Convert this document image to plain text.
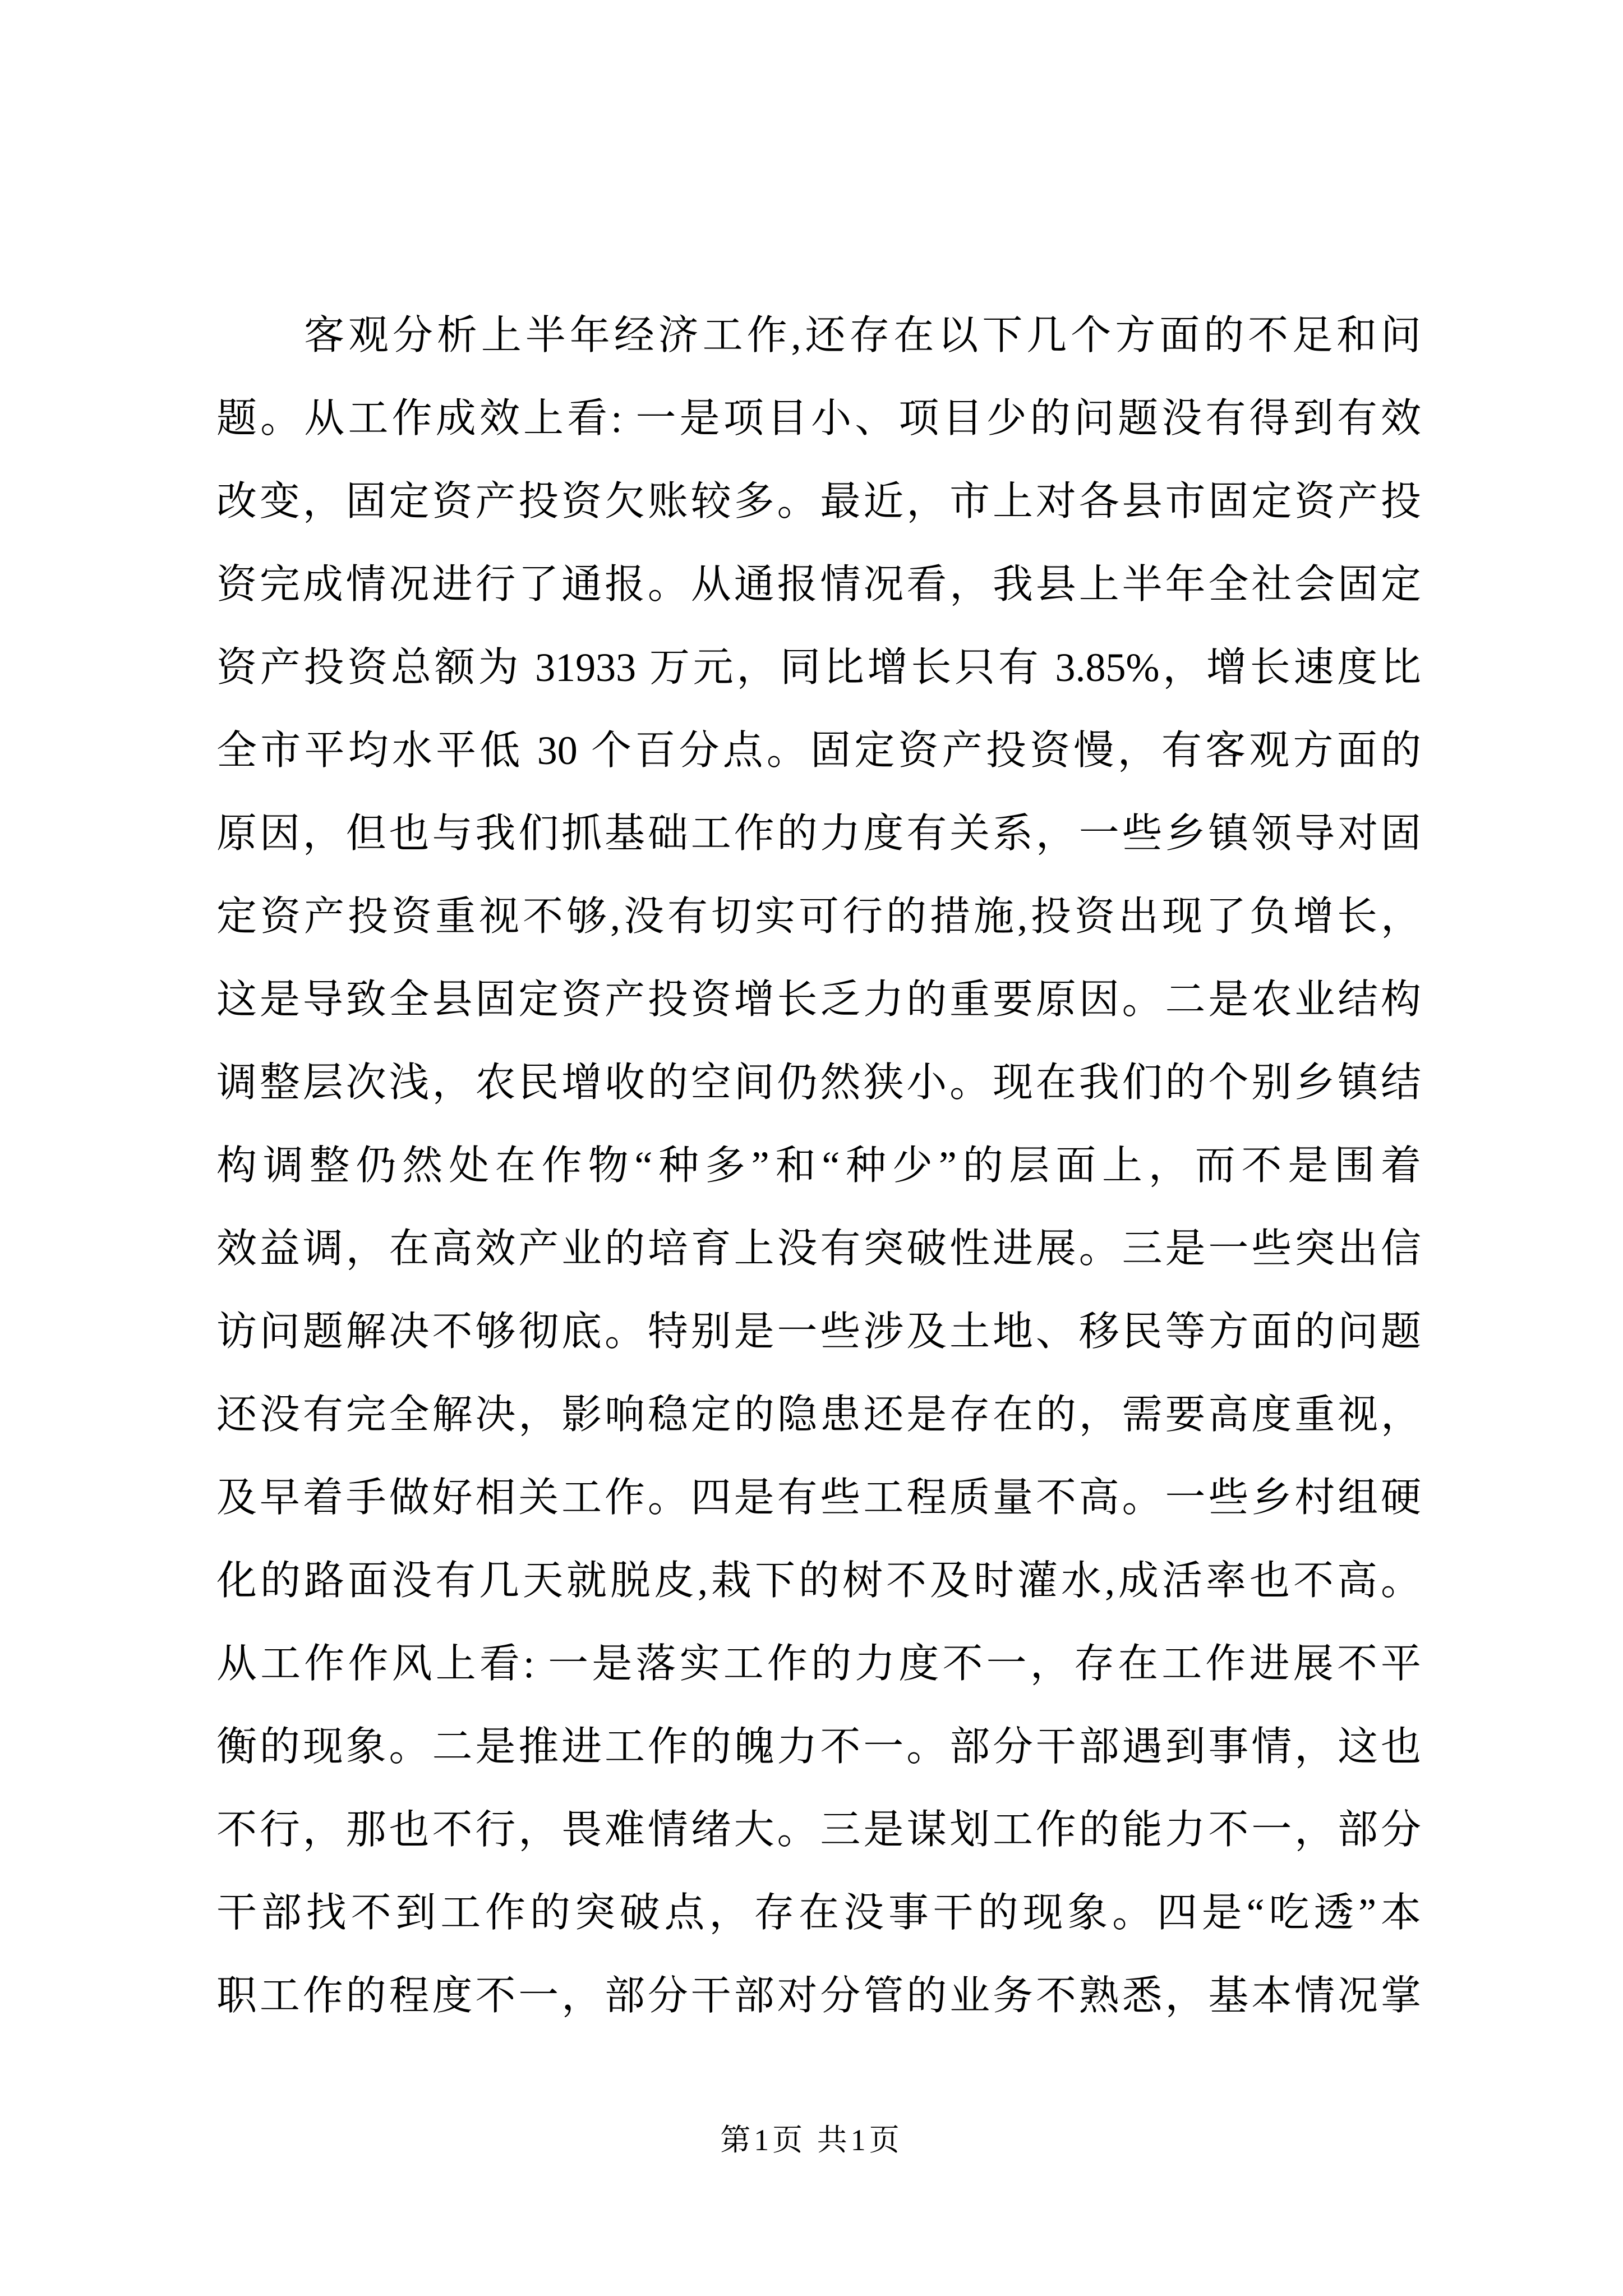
客观分析上半年经济工作,还存在以下几个方面的不足和问
题。从工作成效上看: 一是项目小、项目少的问题没有得到有效
改变，固定资产投资欠账较多。最近，市上对各县市固定资产投
资完成情况进行了通报。从通报情况看，我县上半年全社会固定
资产投资总额为 31933 万元，同比增长只有 3.85%，增长速度比
全市平均水平低 30 个百分点。固定资产投资慢，有客观方面的
原因，但也与我们抓基础工作的力度有关系，一些乡镇领导对固
定资产投资重视不够,没有切实可行的措施,投资出现了负增长，
这是导致全县固定资产投资增长乏力的重要原因。二是农业结构
调整层次浅，农民增收的空间仍然狭小。现在我们的个别乡镇结
构调整仍然处在作物“种多”和“种少”的层面上，而不是围着
效益调，在高效产业的培育上没有突破性进展。三是一些突出信
访问题解决不够彻底。特别是一些涉及土地、移民等方面的问题
还没有完全解决，影响稳定的隐患还是存在的，需要高度重视，
及早着手做好相关工作。四是有些工程质量不高。一些乡村组硬
化的路面没有几天就脱皮,栽下的树不及时灌水,成活率也不高。
从工作作风上看: 一是落实工作的力度不一，存在工作进展不平
衡的现象。二是推进工作的魄力不一。部分干部遇到事情，这也
不行，那也不行，畏难情绪大。三是谋划工作的能力不一，部分
干部找不到工作的突破点，存在没事干的现象。四是“吃透”本
职工作的程度不一，部分干部对分管的业务不熟悉，基本情况掌
第1页 共1页
